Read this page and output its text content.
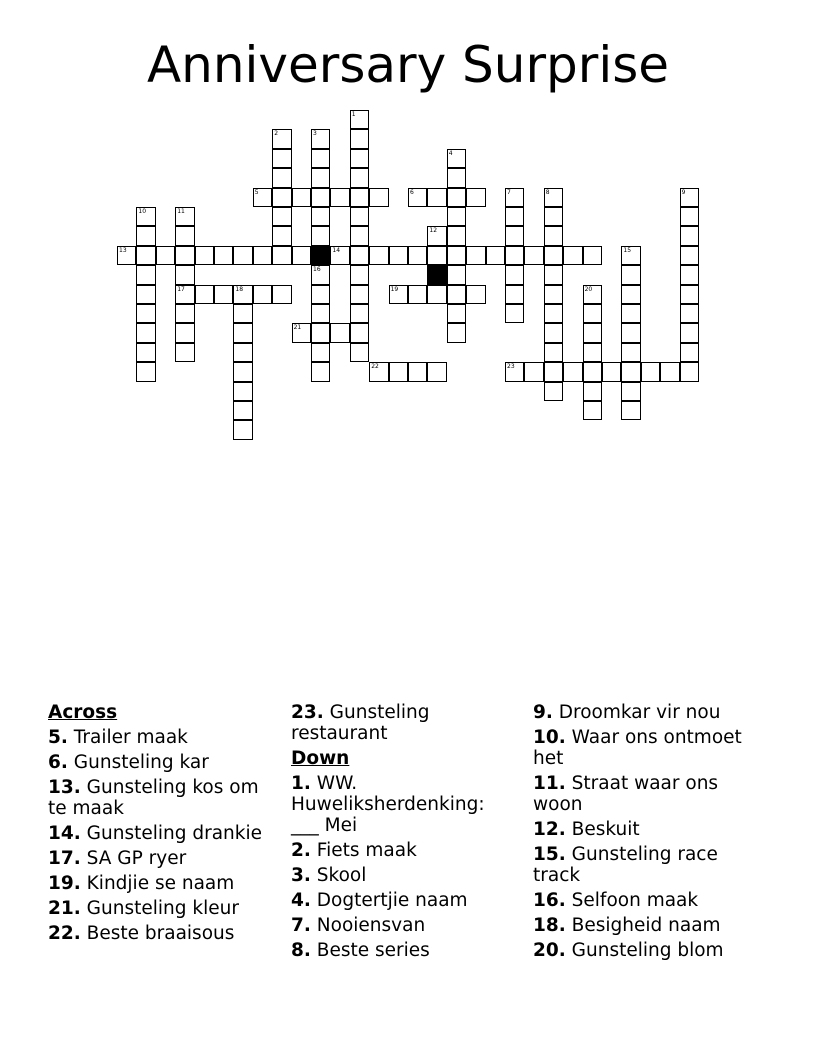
Anniversary Surprise
1
2	3
4
5	6	7	8	9
10	11
17
12
13	14	15
16
18	19	20
21
22	23
Across
5. Trailer maak
6. Gunsteling kar
13. Gunsteling kos om te maak
14. Gunsteling drankie
17. SA GP ryer
19. Kindjie se naam
21. Gunsteling kleur
22. Beste braaisous
23. Gunsteling restaurant
Down
1. WW. Huweliksherdenking: ___ Mei
2. Fiets maak
3. Skool
4. Dogtertjie naam
7. Nooiensvan
8. Beste series
9. Droomkar vir nou
10. Waar ons ontmoet het
11. Straat waar ons woon
12. Beskuit
15. Gunsteling race track
16. Selfoon maak
18. Besigheid naam
20. Gunsteling blom
